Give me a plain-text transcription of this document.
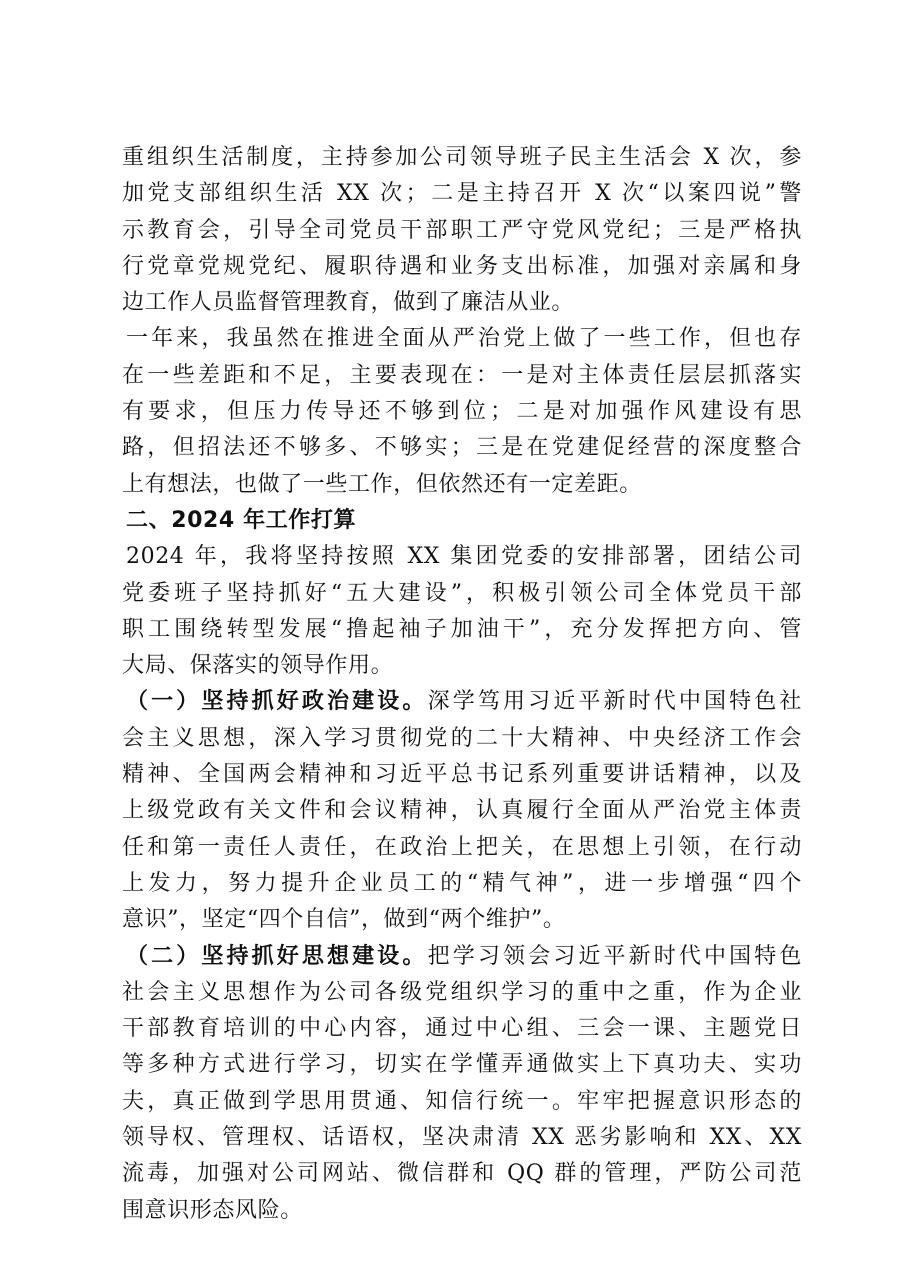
重组织生活制度，主持参加公司领导班子民主生活会 X 次，参
加党支部组织生活 XX 次；二是主持召开 X 次“以案四说”警
示教育会，引导全司党员干部职工严守党风党纪；三是严格执
行党章党规党纪、履职待遇和业务支出标准，加强对亲属和身
边工作人员监督管理教育，做到了廉洁从业。
一年来，我虽然在推进全面从严治党上做了一些工作，但也存
在一些差距和不足，主要表现在：一是对主体责任层层抓落实
有要求，但压力传导还不够到位；二是对加强作风建设有思
路，但招法还不够多、不够实；三是在党建促经营的深度整合
上有想法，也做了一些工作，但依然还有一定差距。
二、2024 年工作打算
2024 年，我将坚持按照 XX 集团党委的安排部署，团结公司
党委班子坚持抓好“五大建设”，积极引领公司全体党员干部
职工围绕转型发展“撸起袖子加油干”，充分发挥把方向、管
大局、保落实的领导作用。
（一）坚持抓好政治建设。深学笃用习近平新时代中国特色社
会主义思想，深入学习贯彻党的二十大精神、中央经济工作会
精神、全国两会精神和习近平总书记系列重要讲话精神，以及
上级党政有关文件和会议精神，认真履行全面从严治党主体责
任和第一责任人责任，在政治上把关，在思想上引领，在行动
上发力，努力提升企业员工的“精气神”，进一步增强“四个
意识”，坚定“四个自信”，做到“两个维护”。
（二）坚持抓好思想建设。把学习领会习近平新时代中国特色
社会主义思想作为公司各级党组织学习的重中之重，作为企业
干部教育培训的中心内容，通过中心组、三会一课、主题党日
等多种方式进行学习，切实在学懂弄通做实上下真功夫、实功
夫，真正做到学思用贯通、知信行统一。牢牢把握意识形态的
领导权、管理权、话语权，坚决肃清 XX 恶劣影响和 XX、XX
流毒，加强对公司网站、微信群和 QQ 群的管理，严防公司范
围意识形态风险。
